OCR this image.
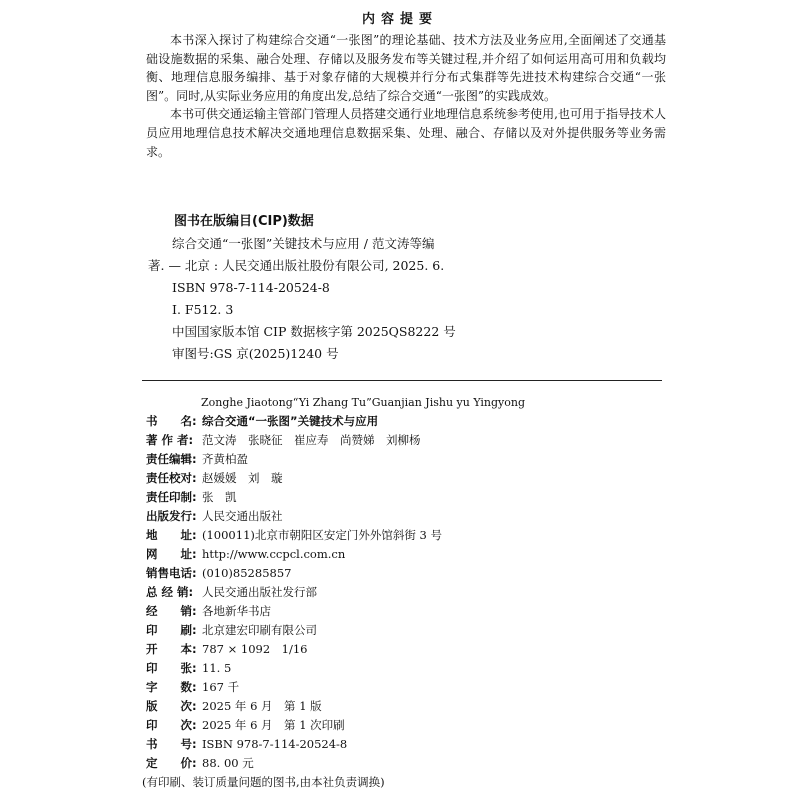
内容提要

本书深入探讨了构建综合交通“一张图”的理论基础、技术方法及业务应用,全面阐述了交通基础设施数据的采集、融合处理、存储以及服务发布等关键过程,并介绍了如何运用高可用和负载均衡、地理信息服务编排、基于对象存储的大规模并行分布式集群等先进技术构建综合交通“一张图”。同时,从实际业务应用的角度出发,总结了综合交通“一张图”的实践成效。

本书可供交通运输主管部门管理人员搭建交通行业地理信息系统参考使用,也可用于指导技术人员应用地理信息技术解决交通地理信息数据采集、处理、融合、存储以及对外提供服务等业务需求。

图书在版编目(CIP)数据
综合交通“一张图”关键技术与应用 / 范文涛等编
著. — 北京 : 人民交通出版社股份有限公司, 2025. 6.
ISBN 978-7-114-20524-8
Ⅰ. F512. 3
中国国家版本馆 CIP 数据核字第 2025QS8222 号
审图号:GS 京(2025)1240 号
Zonghe Jiaotong“Yi Zhang Tu”Guanjian Jishu yu Yingyong
书　　名: 综合交通“一张图”关键技术与应用
著 作 者: 范文涛　张晓征　崔应寿　尚赞娣　刘柳杨
责任编辑: 齐黄柏盈
责任校对: 赵媛媛　刘　璇
责任印制: 张　凯
出版发行: 人民交通出版社
地　　址: (100011)北京市朝阳区安定门外外馆斜街 3 号
网　　址: http://www.ccpcl.com.cn
销售电话: (010)85285857
总 经 销: 人民交通出版社发行部
经　　销: 各地新华书店
印　　刷: 北京建宏印刷有限公司
开　　本: 787 × 1092　1/16
印　　张: 11. 5
字　　数: 167 千
版　　次: 2025 年 6 月　第 1 版
印　　次: 2025 年 6 月　第 1 次印刷
书　　号: ISBN 978-7-114-20524-8
定　　价: 88. 00 元
(有印刷、装订质量问题的图书,由本社负责调换)
